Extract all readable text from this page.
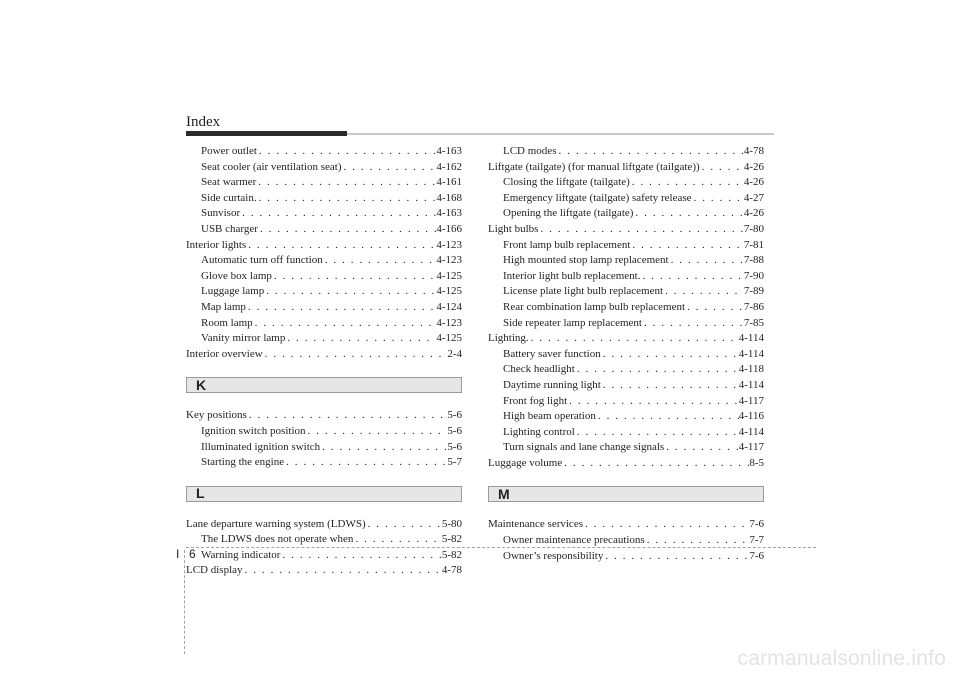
Index
Power outlet . . .	4-163
Seat cooler (air ventilation seat) . . .	4-162
Seat warmer . . .	4-161
Side curtain. . . .	4-168
Sunvisor . . .	4-163
USB charger . . .	4-166
Interior lights . . .	4-123
Automatic turn off function . . .	4-123
Glove box lamp . . .	4-125
Luggage lamp . . .	4-125
Map lamp . . .	4-124
Room lamp . . .	4-123
Vanity mirror lamp . . .	4-125
Interior overview . . .	2-4
K
Key positions . . .	5-6
Ignition switch position . . .	5-6
Illuminated ignition switch . . .	5-6
Starting the engine . . .	5-7
L
Lane departure warning system (LDWS) . . .	5-80
The LDWS does not operate when . . .	5-82
Warning indicator . . .	5-82
LCD display . . .	4-78
LCD modes . . .	4-78
Liftgate (tailgate) (for manual liftgate (tailgate)) . . .	4-26
Closing the liftgate (tailgate) . . .	4-26
Emergency liftgate (tailgate) safety release . . .	4-27
Opening the liftgate (tailgate) . . .	4-26
Light bulbs . . .	7-80
Front lamp bulb replacement . . .	7-81
High mounted stop lamp replacement . . .	7-88
Interior light bulb replacement. . . .	7-90
License plate light bulb replacement . . .	7-89
Rear combination lamp bulb replacement . . .	7-86
Side repeater lamp replacement . . .	7-85
Lighting. . . .	4-114
Battery saver function . . .	4-114
Check headlight . . .	4-118
Daytime running light . . .	4-114
Front fog light . . .	4-117
High beam operation . . .	4-116
Lighting control . . .	4-114
Turn signals and lane change signals . . .	4-117
Luggage volume . . .	8-5
M
Maintenance services . . .	7-6
Owner maintenance precautions . . .	7-7
Owner’s responsibility . . .	7-6
I 6
carmanualsonline.info
